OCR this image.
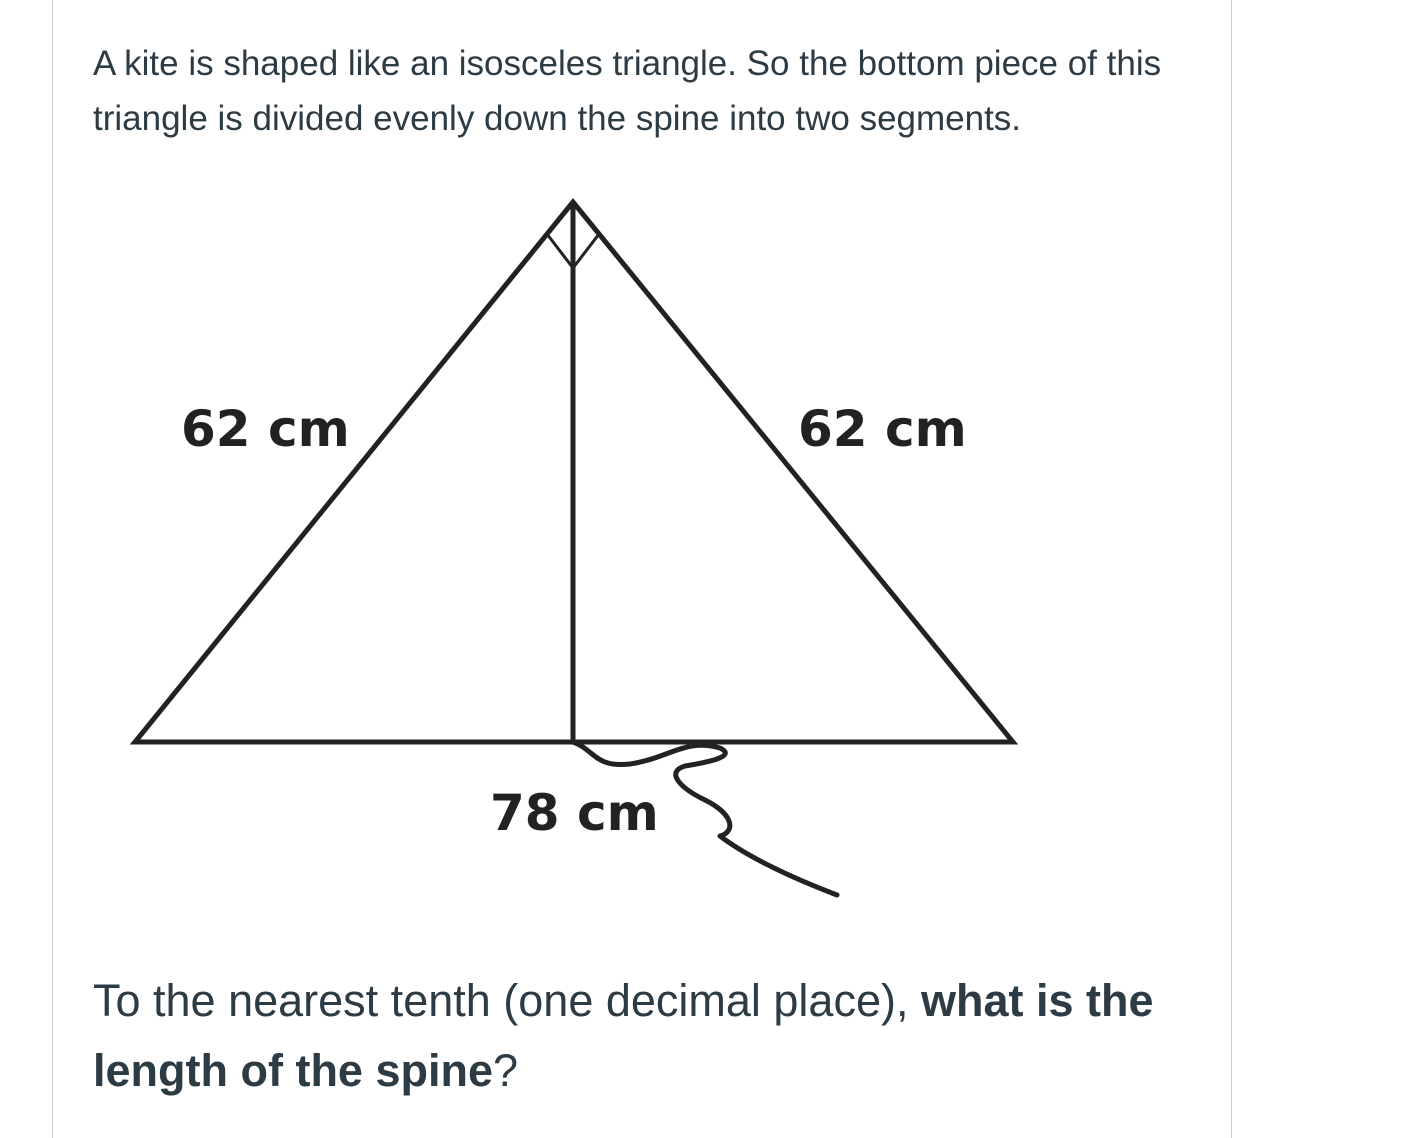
A kite is shaped like an isosceles triangle. So the bottom piece of this triangle is divided evenly down the spine into two segments.

62 cm	62 cm
78 cm

To the nearest tenth (one decimal place), what is the length of the spine?
